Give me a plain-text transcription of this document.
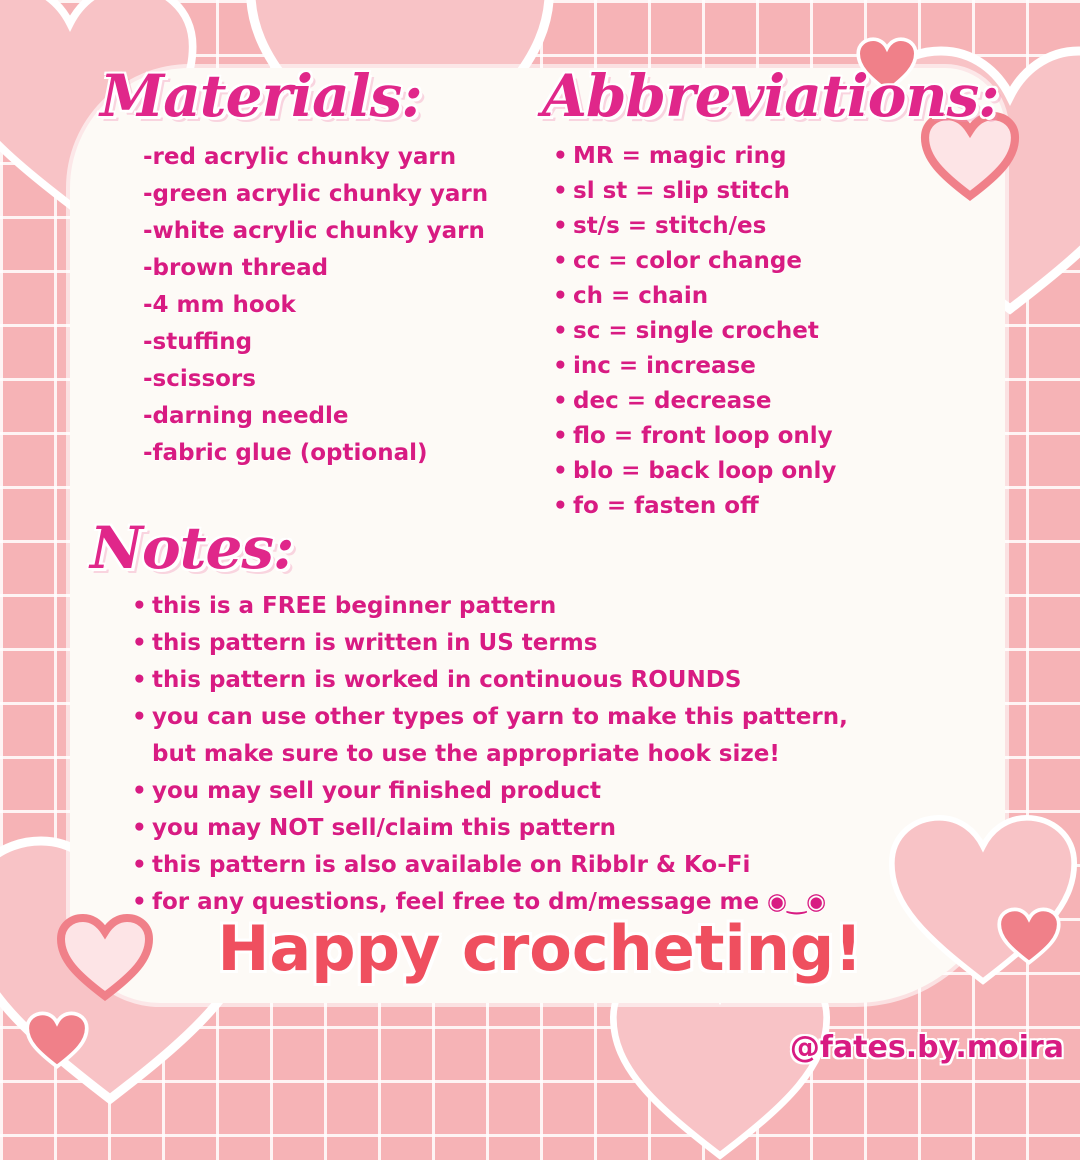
Materials: Abbreviations:
Notes:
-red acrylic chunky yarn
-green acrylic chunky yarn
-white acrylic chunky yarn
-brown thread
-4 mm hook
-stuffing
-scissors
-darning needle
-fabric glue (optional)
• MR = magic ring
• sl st = slip stitch
• st/s = stitch/es
• cc = color change
• ch = chain
• sc = single crochet
• inc = increase
• dec = decrease
• flo = front loop only
• blo = back loop only
• fo = fasten off
• this is a FREE beginner pattern
• this pattern is written in US terms
• this pattern is worked in continuous ROUNDS
• you can use other types of yarn to make this pattern,
but make sure to use the appropriate hook size!
• you may sell your finished product
• you may NOT sell/claim this pattern
• this pattern is also available on Ribblr & Ko-Fi
• for any questions, feel free to dm/message me ◉‿◉
Happy crocheting!

@fates.by.moira
